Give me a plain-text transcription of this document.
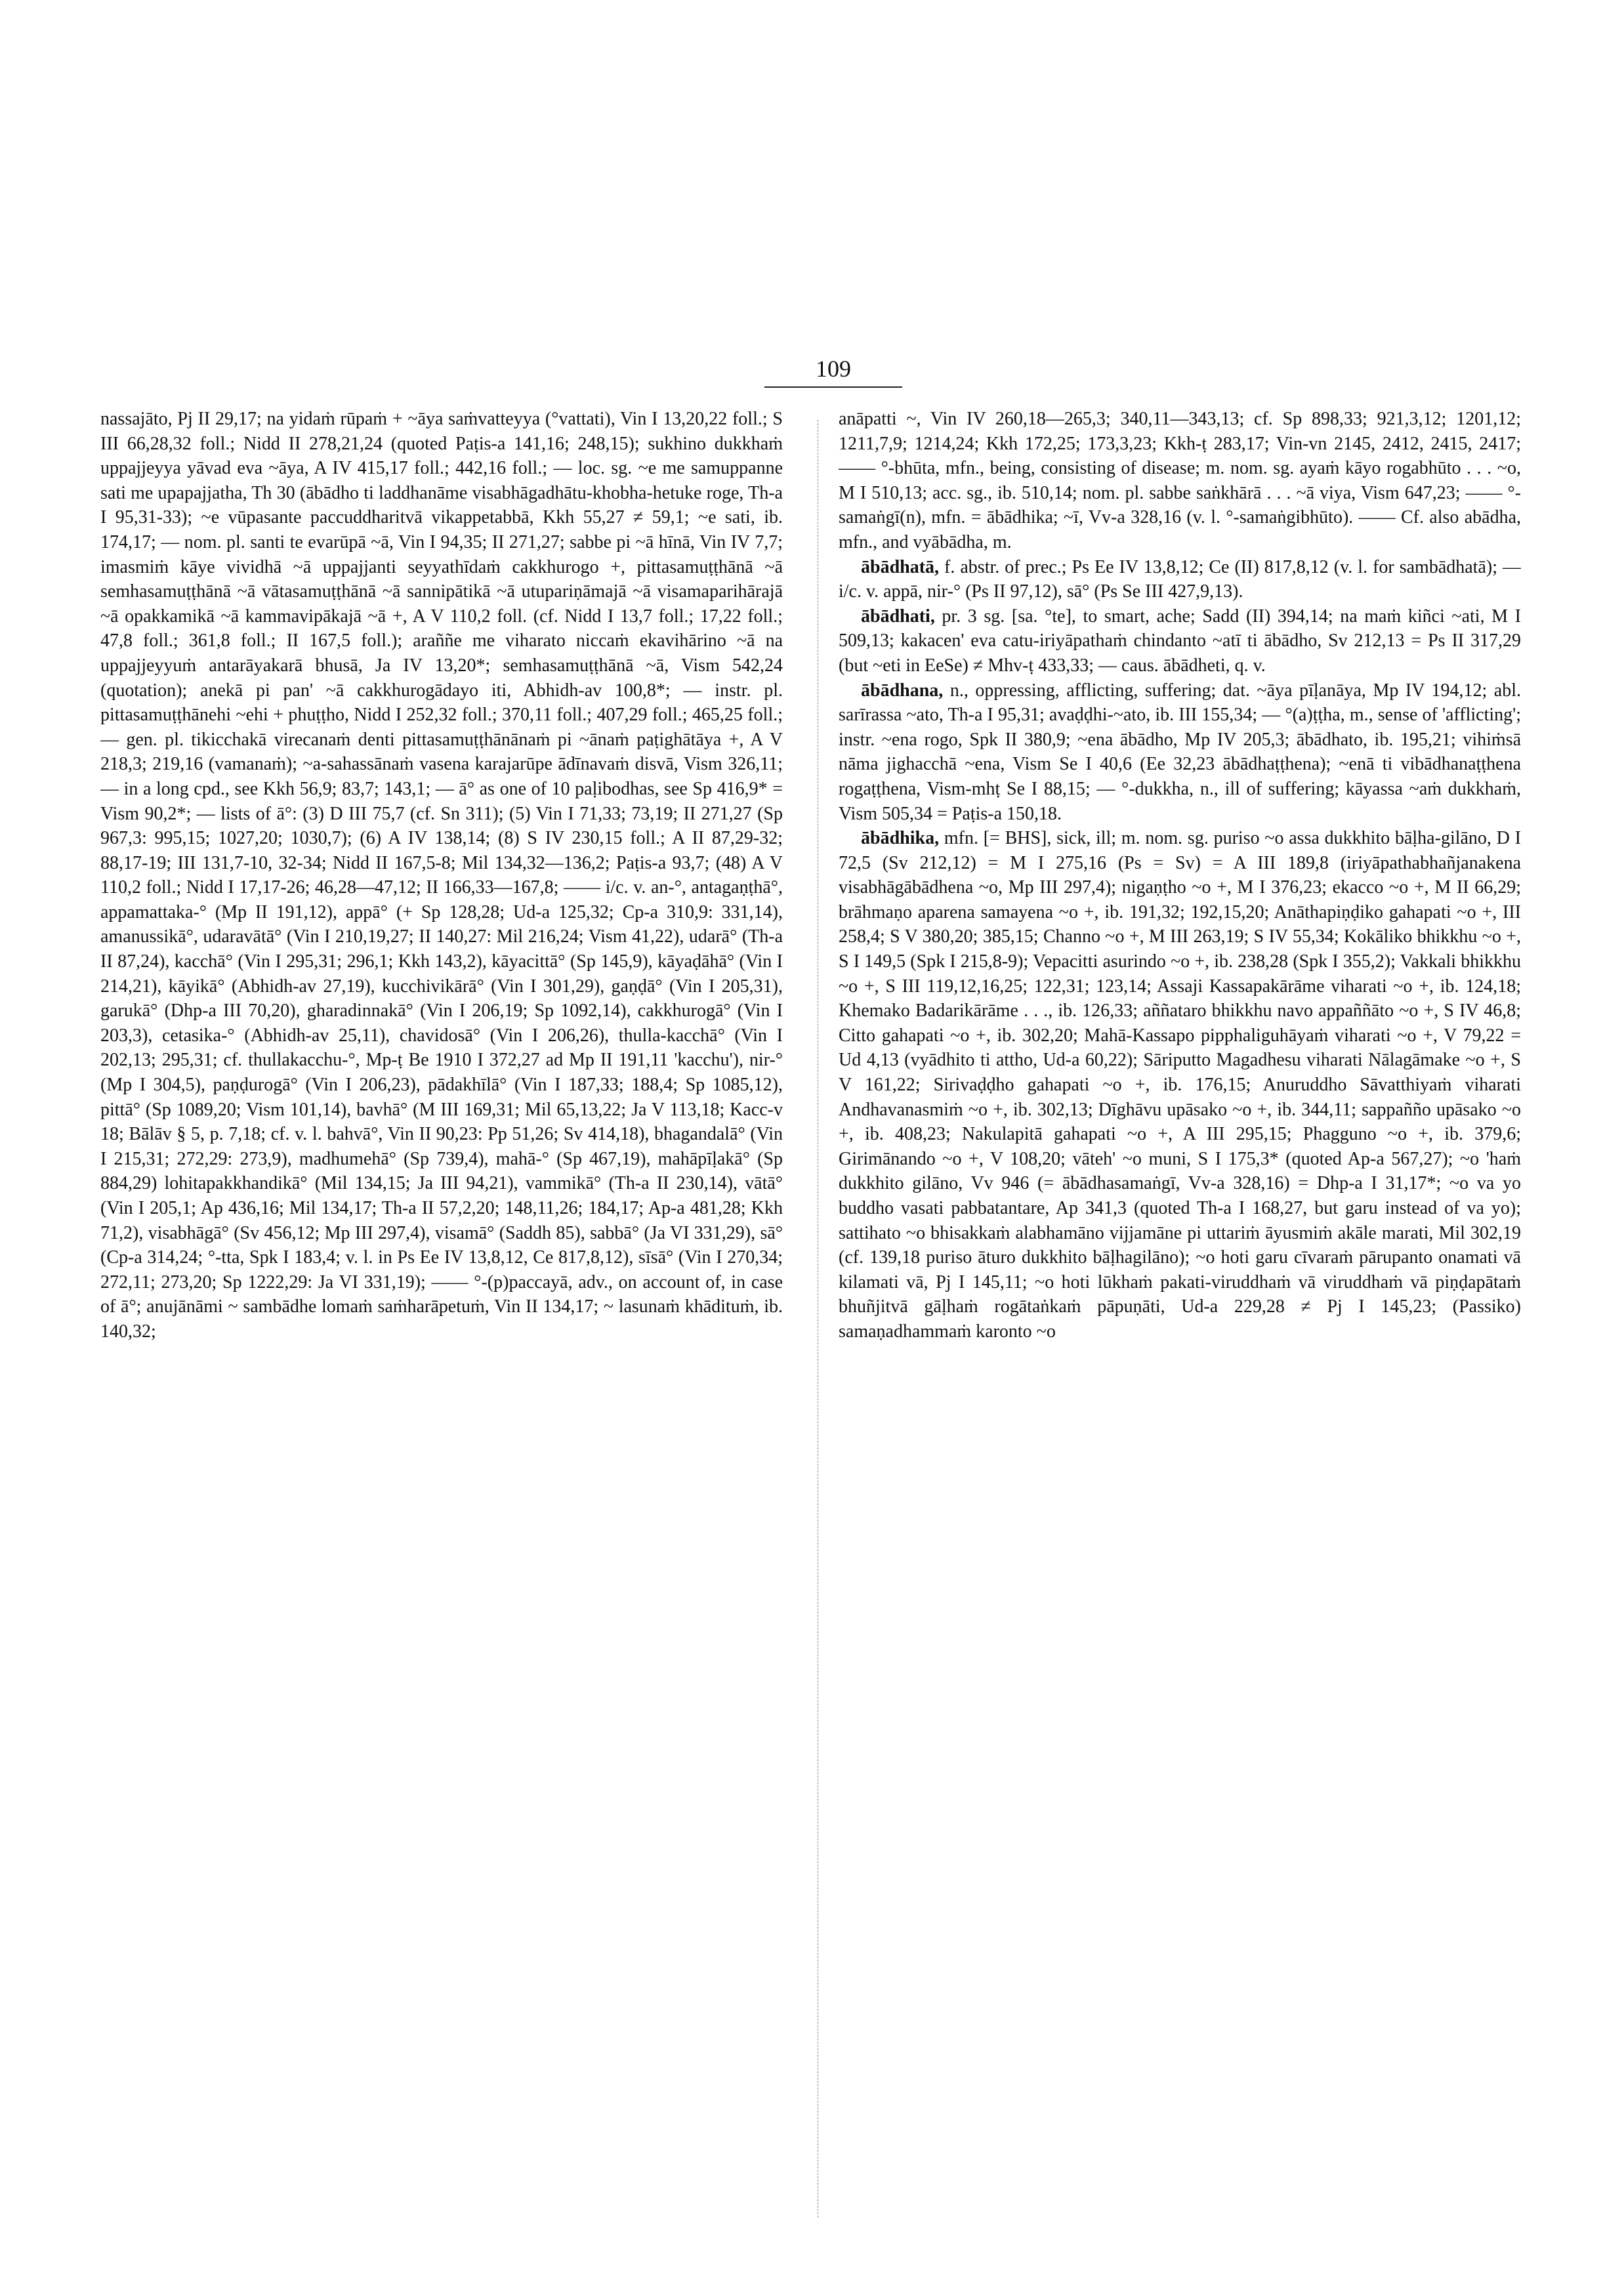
109

nassajāto, Pj II 29,17; na yidaṁ rūpaṁ + ~āya saṁvatteyya (°vattati), Vin I 13,20,22 foll.; S III 66,28,32 foll.; Nidd II 278,21,24 (quoted Paṭis-a 141,16; 248,15); sukhino dukkhaṁ uppajjeyya yāvad eva ~āya, A IV 415,17 foll.; 442,16 foll.; — loc. sg. ~e me samuppanne sati me upapajjatha, Th 30 (ābādho ti laddhanāme visabhāgadhātu-khobha-hetuke roge, Th-a I 95,31-33); ~e vūpasante paccuddharitvā vikappetabbā, Kkh 55,27 ≠ 59,1; ~e sati, ib. 174,17; — nom. pl. santi te evarūpā ~ā, Vin I 94,35; II 271,27; sabbe pi ~ā hīnā, Vin IV 7,7; imasmiṁ kāye vividhā ~ā uppajjanti seyyathīdaṁ cakkhurogo +, pittasamuṭṭhānā ~ā semhasamuṭṭhānā ~ā vātasamuṭṭhānā ~ā sannipātikā ~ā utupariṇāmajā ~ā visamaparihārajā ~ā opakkamikā ~ā kammavipākajā ~ā +, A V 110,2 foll. (cf. Nidd I 13,7 foll.; 17,22 foll.; 47,8 foll.; 361,8 foll.; II 167,5 foll.); araññe me viharato niccaṁ ekavihārino ~ā na uppajjeyyuṁ antarāyakarā bhusā, Ja IV 13,20*; semhasamuṭṭhānā ~ā, Vism 542,24 (quotation); anekā pi pan' ~ā cakkhurogādayo iti, Abhidh-av 100,8*; — instr. pl. pittasamuṭṭhānehi ~ehi + phuṭṭho, Nidd I 252,32 foll.; 370,11 foll.; 407,29 foll.; 465,25 foll.; — gen. pl. tikicchakā virecanaṁ denti pittasamuṭṭhānānaṁ pi ~ānaṁ paṭighātāya +, A V 218,3; 219,16 (vamanaṁ); ~a-sahassānaṁ vasena karajarūpe ādīnavaṁ disvā, Vism 326,11; — in a long cpd., see Kkh 56,9; 83,7; 143,1; — ā° as one of 10 paḷibodhas, see Sp 416,9* = Vism 90,2*; — lists of ā°: (3) D III 75,7 (cf. Sn 311); (5) Vin I 71,33; 73,19; II 271,27 (Sp 967,3: 995,15; 1027,20; 1030,7); (6) A IV 138,14; (8) S IV 230,15 foll.; A II 87,29-32; 88,17-19; III 131,7-10, 32-34; Nidd II 167,5-8; Mil 134,32—136,2; Paṭis-a 93,7; (48) A V 110,2 foll.; Nidd I 17,17-26; 46,28—47,12; II 166,33—167,8; —— i/c. v. an-°, antagaṇṭhā°, appamattaka-° (Mp II 191,12), appā° (+ Sp 128,28; Ud-a 125,32; Cp-a 310,9: 331,14), amanussikā°, udaravātā° (Vin I 210,19,27; II 140,27: Mil 216,24; Vism 41,22), udarā° (Th-a II 87,24), kacchā° (Vin I 295,31; 296,1; Kkh 143,2), kāyacittā° (Sp 145,9), kāyaḍāhā° (Vin I 214,21), kāyikā° (Abhidh-av 27,19), kucchivikārā° (Vin I 301,29), gaṇḍā° (Vin I 205,31), garukā° (Dhp-a III 70,20), gharadinnakā° (Vin I 206,19; Sp 1092,14), cakkhurogā° (Vin I 203,3), cetasika-° (Abhidh-av 25,11), chavidosā° (Vin I 206,26), thulla-kacchā° (Vin I 202,13; 295,31; cf. thullakacchu-°, Mp-ṭ Be 1910 I 372,27 ad Mp II 191,11 'kacchu'), nir-° (Mp I 304,5), paṇḍurogā° (Vin I 206,23), pādakhīlā° (Vin I 187,33; 188,4; Sp 1085,12), pittā° (Sp 1089,20; Vism 101,14), bavhā° (M III 169,31; Mil 65,13,22; Ja V 113,18; Kacc-v 18; Bālāv § 5, p. 7,18; cf. v. l. bahvā°, Vin II 90,23: Pp 51,26; Sv 414,18), bhagandalā° (Vin I 215,31; 272,29: 273,9), madhumehā° (Sp 739,4), mahā-° (Sp 467,19), mahāpīḷakā° (Sp 884,29) lohitapakkhandikā° (Mil 134,15; Ja III 94,21), vammikā° (Th-a II 230,14), vātā° (Vin I 205,1; Ap 436,16; Mil 134,17; Th-a II 57,2,20; 148,11,26; 184,17; Ap-a 481,28; Kkh 71,2), visabhāgā° (Sv 456,12; Mp III 297,4), visamā° (Saddh 85), sabbā° (Ja VI 331,29), sā° (Cp-a 314,24; °-tta, Spk I 183,4; v. l. in Ps Ee IV 13,8,12, Ce 817,8,12), sīsā° (Vin I 270,34; 272,11; 273,20; Sp 1222,29: Ja VI 331,19); —— °-(p)paccayā, adv., on account of, in case of ā°; anujānāmi ~ sambādhe lomaṁ saṁharāpetuṁ, Vin II 134,17; ~ lasunaṁ khādituṁ, ib. 140,32;

anāpatti ~, Vin IV 260,18—265,3; 340,11—343,13; cf. Sp 898,33; 921,3,12; 1201,12; 1211,7,9; 1214,24; Kkh 172,25; 173,3,23; Kkh-ṭ 283,17; Vin-vn 2145, 2412, 2415, 2417; —— °-bhūta, mfn., being, consisting of disease; m. nom. sg. ayaṁ kāyo rogabhūto . . . ~o, M I 510,13; acc. sg., ib. 510,14; nom. pl. sabbe saṅkhārā . . . ~ā viya, Vism 647,23; —— °-samaṅgī(n), mfn. = ābādhika; ~ī, Vv-a 328,16 (v. l. °-samaṅgibhūto). —— Cf. also abādha, mfn., and vyābādha, m.

ābādhatā, f. abstr. of prec.; Ps Ee IV 13,8,12; Ce (II) 817,8,12 (v. l. for sambādhatā); — i/c. v. appā, nir-° (Ps II 97,12), sā° (Ps Se III 427,9,13).

ābādhati, pr. 3 sg. [sa. °te], to smart, ache; Sadd (II) 394,14; na maṁ kiñci ~ati, M I 509,13; kakacen' eva catu-iriyāpathaṁ chindanto ~atī ti ābādho, Sv 212,13 = Ps II 317,29 (but ~eti in EeSe) ≠ Mhv-ṭ 433,33; — caus. ābādheti, q. v.

ābādhana, n., oppressing, afflicting, suffering; dat. ~āya pīḷanāya, Mp IV 194,12; abl. sarīrassa ~ato, Th-a I 95,31; avaḍḍhi-~ato, ib. III 155,34; — °(a)ṭṭha, m., sense of 'afflicting'; instr. ~ena rogo, Spk II 380,9; ~ena ābādho, Mp IV 205,3; ābādhato, ib. 195,21; vihiṁsā nāma jighacchā ~ena, Vism Se I 40,6 (Ee 32,23 ābādhaṭṭhena); ~enā ti vibādhanaṭṭhena rogaṭṭhena, Vism-mhṭ Se I 88,15; — °-dukkha, n., ill of suffering; kāyassa ~aṁ dukkhaṁ, Vism 505,34 = Paṭis-a 150,18.

ābādhika, mfn. [= BHS], sick, ill; m. nom. sg. puriso ~o assa dukkhito bāḷha-gilāno, D I 72,5 (Sv 212,12) = M I 275,16 (Ps = Sv) = A III 189,8 (iriyāpathabhañjanakena visabhāgābādhena ~o, Mp III 297,4); nigaṇṭho ~o +, M I 376,23; ekacco ~o +, M II 66,29; brāhmaṇo aparena samayena ~o +, ib. 191,32; 192,15,20; Anāthapiṇḍiko gahapati ~o +, III 258,4; S V 380,20; 385,15; Channo ~o +, M III 263,19; S IV 55,34; Kokāliko bhikkhu ~o +, S I 149,5 (Spk I 215,8-9); Vepacitti asurindo ~o +, ib. 238,28 (Spk I 355,2); Vakkali bhikkhu ~o +, S III 119,12,16,25; 122,31; 123,14; Assaji Kassapakārāme viharati ~o +, ib. 124,18; Khemako Badarikārāme . . ., ib. 126,33; aññataro bhikkhu navo appaññāto ~o +, S IV 46,8; Citto gahapati ~o +, ib. 302,20; Mahā-Kassapo pipphaliguhāyaṁ viharati ~o +, V 79,22 = Ud 4,13 (vyādhito ti attho, Ud-a 60,22); Sāriputto Magadhesu viharati Nālagāmake ~o +, S V 161,22; Sirivaḍḍho gahapati ~o +, ib. 176,15; Anuruddho Sāvatthiyaṁ viharati Andhavanasmiṁ ~o +, ib. 302,13; Dīghāvu upāsako ~o +, ib. 344,11; sappañño upāsako ~o +, ib. 408,23; Nakulapitā gahapati ~o +, A III 295,15; Phagguno ~o +, ib. 379,6; Girimānando ~o +, V 108,20; vāteh' ~o muni, S I 175,3* (quoted Ap-a 567,27); ~o 'haṁ dukkhito gilāno, Vv 946 (= ābādhasamaṅgī, Vv-a 328,16) = Dhp-a I 31,17*; ~o va yo buddho vasati pabbatantare, Ap 341,3 (quoted Th-a I 168,27, but garu instead of va yo); sattihato ~o bhisakkaṁ alabhamāno vijjamāne pi uttariṁ āyusmiṁ akāle marati, Mil 302,19 (cf. 139,18 puriso āturo dukkhito bāḷhagilāno); ~o hoti garu cīvaraṁ pārupanto onamati vā kilamati vā, Pj I 145,11; ~o hoti lūkhaṁ pakati-viruddhaṁ vā viruddhaṁ vā piṇḍapātaṁ bhuñjitvā gāḷhaṁ rogātaṅkaṁ pāpuṇāti, Ud-a 229,28 ≠ Pj I 145,23; (Passiko) samaṇadhammaṁ karonto ~o
